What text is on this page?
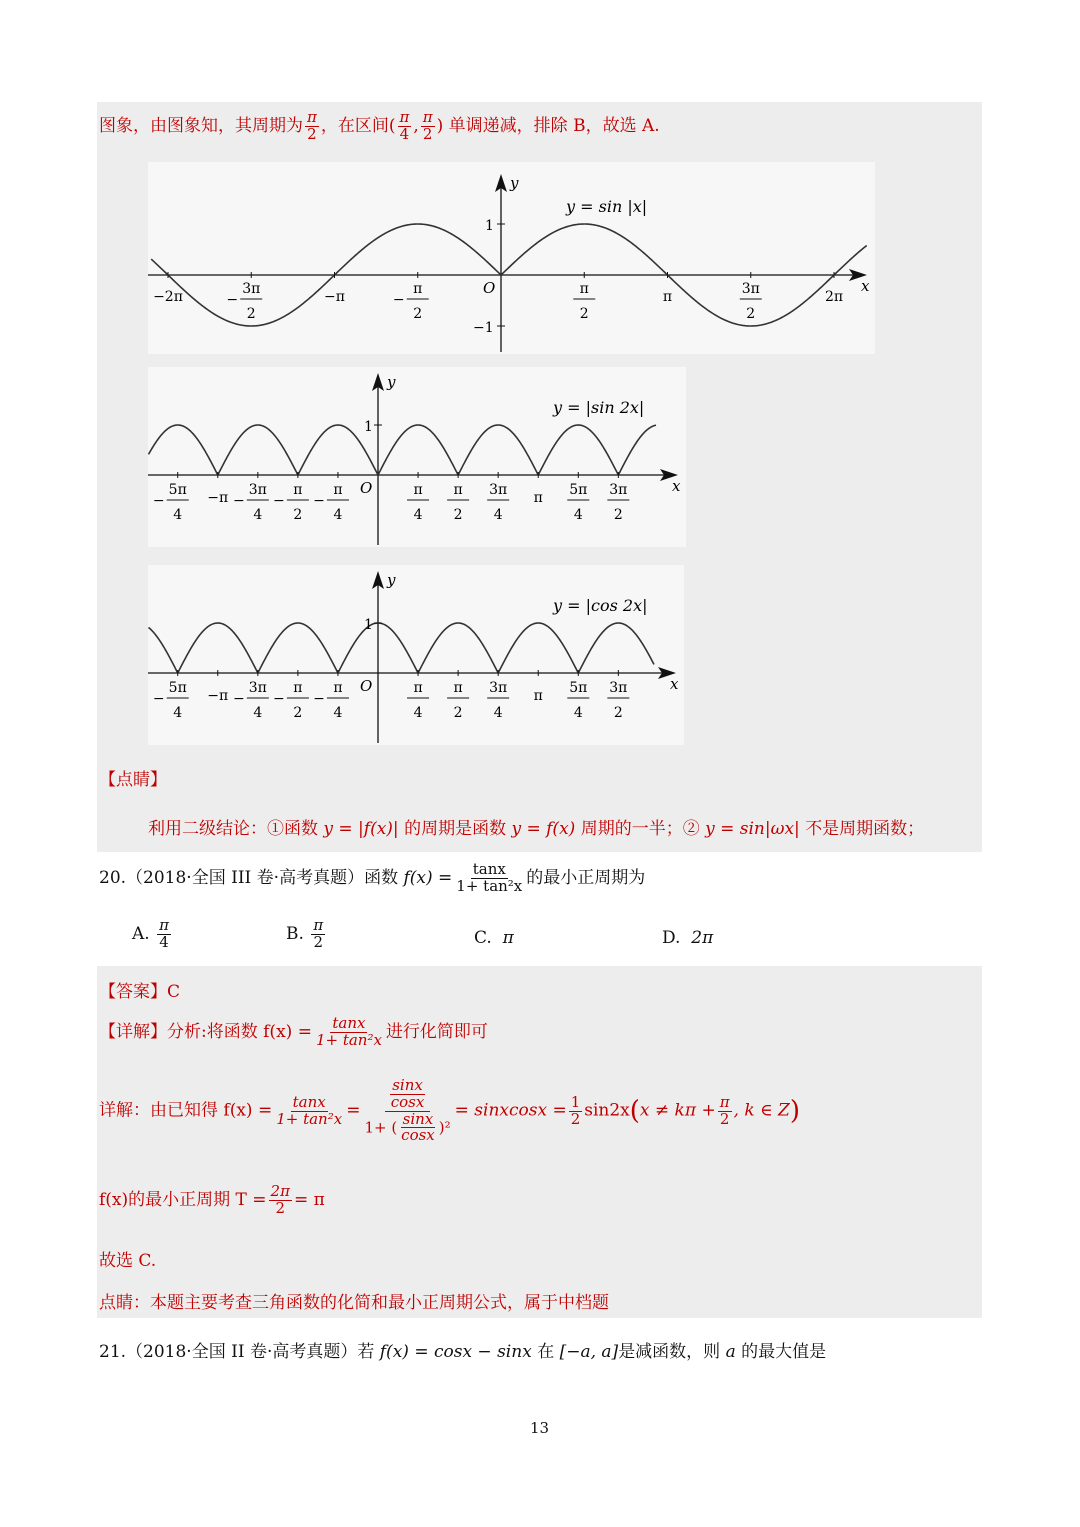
图象，由图象知，其周期为 $\frac{\pi}{2}$ ，在区间( $\frac{\pi}{4}$ , $\frac{\pi}{2}$ ) 单调递减，排除 B，故选 A.
x
y
O
1
−1
−2π	3π
2
−	−π	π
2
−
π
2
π	3π
2
2π
y = sin |x|
x
y
O
1
5π
4
−	−π 3π
4
−
π
2
−
π
4
−
π
4
π
2
3π
4
π 5π
4
3π
2
y = |sin 2x|
x
y
O
1
5π
4
−	−π 3π
4
−
π
2
−
π
4
−
π
4
π
2
3π
4
π 5π
4
3π
2
y = |cos 2x|
【点睛】
利用二级结论：①函数 y = |f(x)| 的周期是函数 y = f(x) 周期的一半；② y = sin|ωx| 不是周期函数；
20.（2018·全国 III 卷·高考真题）函数 $f(x) = \frac{\tan x}{\text{1+ tan²x}}$ 的最小正周期为
A. $\frac{\pi}{4}$	B. $\frac{\pi}{2}$	C. π	D. 2π
【答案】C
【详解】分析:将函数 $f(x) = \frac{\tan x}{\text{1+ tan²x}}$ 进行化简即可
详解：由已知得 $f(x) = \frac{\tan x}{\text{1+ tan²x}} = \frac{\frac{\sin x}{\cos x}}{1+ ( \frac{\sin x}{\cos x} )^2}$ = sinxcosx = $\frac{1}{2} \sin 2x(x \ne k\pi + \frac{\pi}{2}$ , k ∈ Z)
f(x)的最小正周期 $T = \frac{2\pi}{2} = \pi$
故选 C.
点睛：本题主要考查三角函数的化简和最小正周期公式，属于中档题
21.（2018·全国 II 卷·高考真题）若 f(x) = cosx − sinx 在 [−a, a]是减函数，则 a 的最大值是
13
